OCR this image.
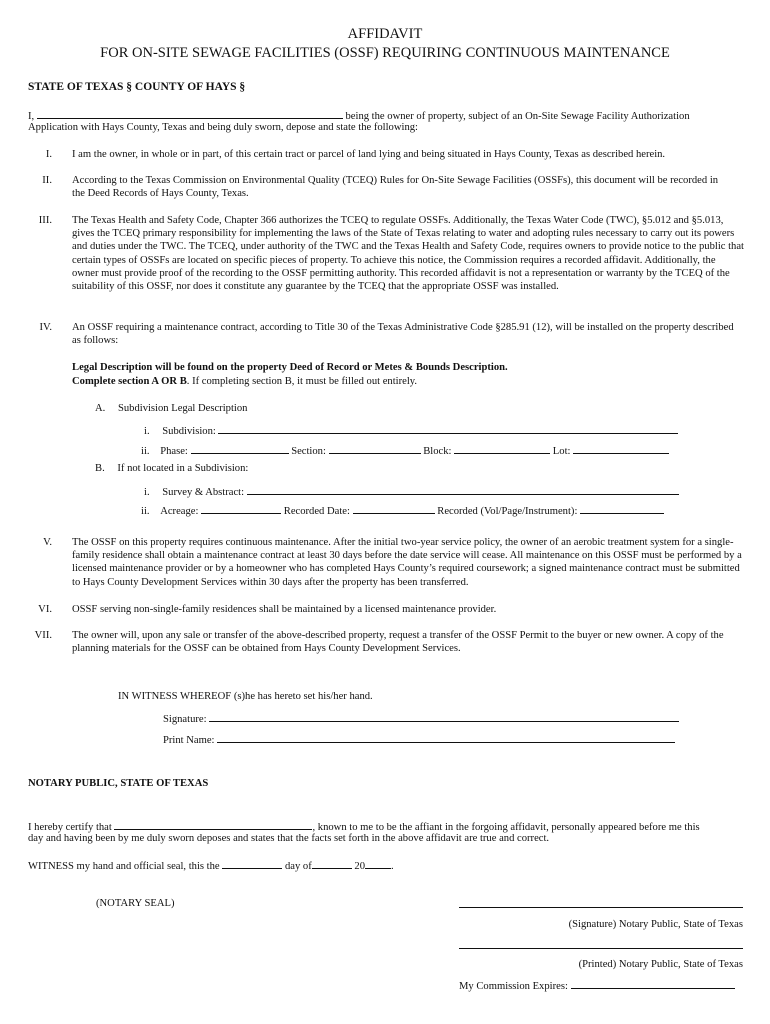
AFFIDAVIT
FOR ON-SITE SEWAGE FACILITIES (OSSF) REQUIRING CONTINUOUS MAINTENANCE
STATE OF TEXAS § COUNTY OF HAYS §
I,	being the owner of property, subject of an On-Site Sewage Facility Authorization
Application with Hays County, Texas and being duly sworn, depose and state the following:
I. I am the owner, in whole or in part, of this certain tract or parcel of land lying and being situated in Hays County, Texas as described herein.
II. According to the Texas Commission on Environmental Quality (TCEQ) Rules for On-Site Sewage Facilities (OSSFs), this document will be recorded in the Deed Records of Hays County, Texas.
III. The Texas Health and Safety Code, Chapter 366 authorizes the TCEQ to regulate OSSFs. Additionally, the Texas Water Code (TWC), §5.012 and §5.013, gives the TCEQ primary responsibility for implementing the laws of the State of Texas relating to water and adopting rules necessary to carry out its powers and duties under the TWC. The TCEQ, under authority of the TWC and the Texas Health and Safety Code, requires owners to provide notice to the public that certain types of OSSFs are located on specific pieces of property. To achieve this notice, the Commission requires a recorded affidavit. Additionally, the owner must provide proof of the recording to the OSSF permitting authority. This recorded affidavit is not a representation or warranty by the TCEQ of the suitability of this OSSF, nor does it constitute any guarantee by the TCEQ that the appropriate OSSF was installed.
IV. An OSSF requiring a maintenance contract, according to Title 30 of the Texas Administrative Code §285.91 (12), will be installed on the property described as follows:
Legal Description will be found on the property Deed of Record or Metes & Bounds Description.
Complete section A OR B. If completing section B, it must be filled out entirely.
A. Subdivision Legal Description
i. Subdivision:
ii. Phase:	Section:	Block:	Lot:
B. If not located in a Subdivision:
i. Survey & Abstract:
ii. Acreage:	Recorded Date:	Recorded (Vol/Page/Instrument):
V. The OSSF on this property requires continuous maintenance. After the initial two-year service policy, the owner of an aerobic treatment system for a single-family residence shall obtain a maintenance contract at least 30 days before the date service will cease. All maintenance on this OSSF must be performed by a licensed maintenance provider or by a homeowner who has completed Hays County’s required coursework; a signed maintenance contract must be submitted to Hays County Development Services within 30 days after the property has been transferred.
VI. OSSF serving non-single-family residences shall be maintained by a licensed maintenance provider.
VII. The owner will, upon any sale or transfer of the above-described property, request a transfer of the OSSF Permit to the buyer or new owner. A copy of the planning materials for the OSSF can be obtained from Hays County Development Services.
IN WITNESS WHEREOF (s)he has hereto set his/her hand.
Signature:
Print Name:
NOTARY PUBLIC, STATE OF TEXAS
I hereby certify that	, known to me to be the affiant in the forgoing affidavit, personally appeared before me this
day and having been by me duly sworn deposes and states that the facts set forth in the above affidavit are true and correct.
WITNESS my hand and official seal, this the	day of	20 .
(NOTARY SEAL)
(Signature) Notary Public, State of Texas
(Printed) Notary Public, State of Texas
My Commission Expires:
